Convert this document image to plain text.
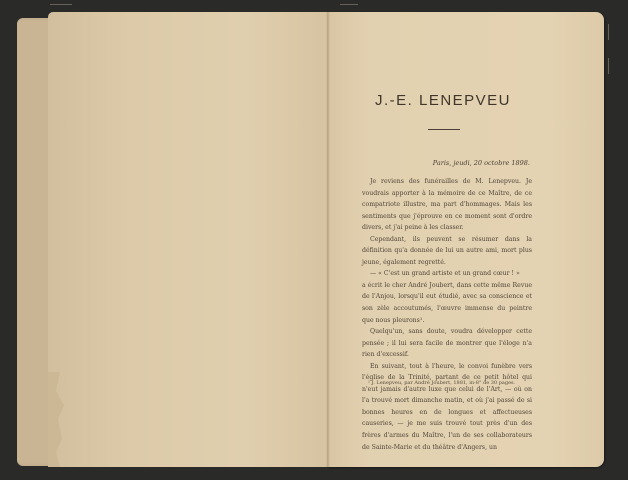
J.-E. LENEPVEU
Paris, jeudi, 20 octobre 1898.

Je reviens des funérailles de M. Lenepveu. Je voudrais apporter à la mémoire de ce Maître, de ce compatriote illustre, ma part d'hommages. Mais les sentiments que j'éprouve en ce moment sont d'ordre divers, et j'ai peine à les classer.

Cependant, ils peuvent se résumer dans la définition qu'a donnée de lui un autre ami, mort plus jeune, également regretté.

— « C'est un grand artiste et un grand cœur ! »

a écrit le cher André Joubert, dans cette même Revue de l'Anjou, lorsqu'il eut étudié, avec sa conscience et son zèle accoutumés, l'œuvre immense du peintre que nous pleurons¹.

Quelqu'un, sans doute, voudra développer cette pensée ; il lui sera facile de montrer que l'éloge n'a rien d'excessif.

En suivant, tout à l'heure, le convoi funèbre vers l'église de la Trinité, partant de ce petit hôtel qui n'eut jamais d'autre luxe que celui de l'Art, — où on l'a trouvé mort dimanche matin, et où j'ai passé de si bonnes heures en de longues et affectueuses causeries, — je me suis trouvé tout près d'un des frères d'armes du Maître, l'un de ses collaborateurs de Sainte-Marie et du théâtre d'Angers, un

¹ J. Lenepveu, par André Joubert, 1881, in-8° de 30 pages.
